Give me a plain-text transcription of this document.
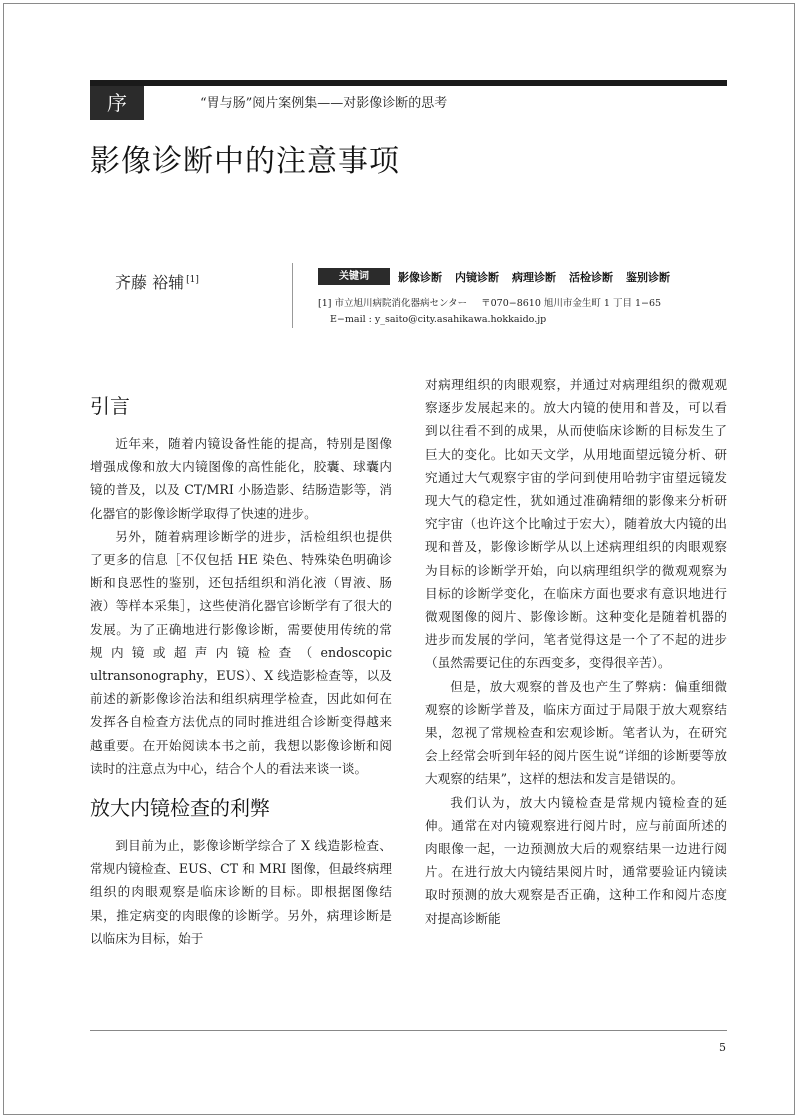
序	“胃与肠”阅片案例集——对影像诊断的思考
影像诊断中的注意事项
齐藤 裕辅 [1]	关键词	影像诊断 内镜诊断 病理诊断 活检诊断 鉴别诊断
[1] 市立旭川病院消化器病センター 〒070−8610 旭川市金生町 1 丁目 1−65
E−mail : y_saito@city.asahikawa.hokkaido.jp
引言

近年来，随着内镜设备性能的提高，特别是图像增强成像和放大内镜图像的高性能化，胶囊、球囊内镜的普及，以及 CT/MRI 小肠造影、结肠造影等，消化器官的影像诊断学取得了快速的进步。

另外，随着病理诊断学的进步，活检组织也提供了更多的信息［不仅包括 HE 染色、特殊染色明确诊断和良恶性的鉴别，还包括组织和消化液（胃液、肠液）等样本采集］，这些使消化器官诊断学有了很大的发展。为了正确地进行影像诊断，需要使用传统的常规内镜或超声内镜检查（endoscopic ultransonography，EUS）、X 线造影检查等，以及前述的新影像诊治法和组织病理学检查，因此如何在发挥各自检查方法优点的同时推进组合诊断变得越来越重要。在开始阅读本书之前，我想以影像诊断和阅读时的注意点为中心，结合个人的看法来谈一谈。

放大内镜检查的利弊

到目前为止，影像诊断学综合了 X 线造影检查、常规内镜检查、EUS、CT 和 MRI 图像，但最终病理组织的肉眼观察是临床诊断的目标。即根据图像结果，推定病变的肉眼像的诊断学。另外，病理诊断是以临床为目标，始于

对病理组织的肉眼观察，并通过对病理组织的微观观察逐步发展起来的。放大内镜的使用和普及，可以看到以往看不到的成果，从而使临床诊断的目标发生了巨大的变化。比如天文学，从用地面望远镜分析、研究通过大气观察宇宙的学问到使用哈勃宇宙望远镜发现大气的稳定性，犹如通过准确精细的影像来分析研究宇宙（也许这个比喻过于宏大），随着放大内镜的出现和普及，影像诊断学从以上述病理组织的肉眼观察为目标的诊断学开始，向以病理组织学的微观观察为目标的诊断学变化，在临床方面也要求有意识地进行微观图像的阅片、影像诊断。这种变化是随着机器的进步而发展的学问，笔者觉得这是一个了不起的进步（虽然需要记住的东西变多，变得很辛苦）。

但是，放大观察的普及也产生了弊病：偏重细微观察的诊断学普及，临床方面过于局限于放大观察结果，忽视了常规检查和宏观诊断。笔者认为，在研究会上经常会听到年轻的阅片医生说“详细的诊断要等放大观察的结果”，这样的想法和发言是错误的。

我们认为，放大内镜检查是常规内镜检查的延伸。通常在对内镜观察进行阅片时，应与前面所述的肉眼像一起，一边预测放大后的观察结果一边进行阅片。在进行放大内镜结果阅片时，通常要验证内镜读取时预测的放大观察是否正确，这种工作和阅片态度对提高诊断能

5
